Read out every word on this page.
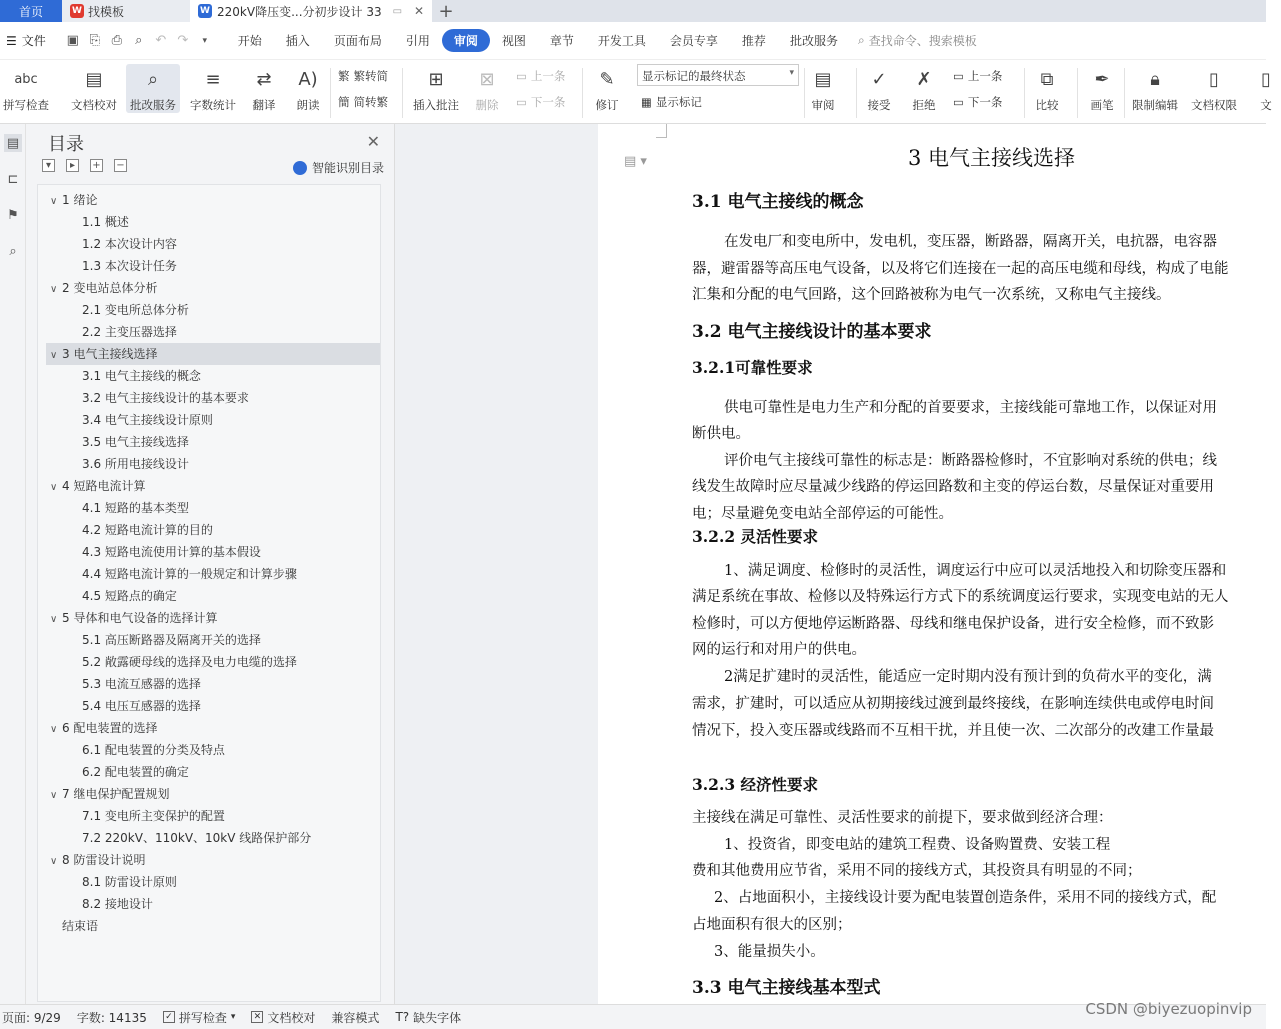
首页	W 找模板	W 220kV降压变...分初步设计 33 ▭ ✕ +
☰ 文件 ▣ ⎘ ⎙	⌕ ↶ ↷	▾	开始	插入	页面布局	引用	审阅	视图	章节	开发工具	会员专享	推荐	批改服务	⌕ 查找命令、搜索模板
abc
拼写检查
▤
文档校对
⌕
批改服务
≡
字数统计
⇄
翻译
A)
朗读
繁 繁转简
簡 简转繁
⊞
插入批注
⊠
删除
▭ 上一条
▭ 下一条
✎
修订
显示标记的最终状态	▾
▦ 显示标记
▤
审阅
✓
接受
✗
拒绝
▭ 上一条
▭ 下一条
⧉
比较
✒
画笔
🔒︎
限制编辑
▯
文档权限
▯
文
▤
⊏
⚑
⌕
目录	✕
▾	▸	+ −	智能识别目录
∨ 1 绪论
1.1 概述
1.2 本次设计内容
1.3 本次设计任务
∨ 2 变电站总体分析
2.1 变电所总体分析
2.2 主变压器选择
∨ 3 电气主接线选择
3.1 电气主接线的概念
3.2 电气主接线设计的基本要求
3.4 电气主接线设计原则
3.5 电气主接线选择
3.6 所用电接线设计
∨ 4 短路电流计算
4.1 短路的基本类型
4.2 短路电流计算的目的
4.3 短路电流使用计算的基本假设
4.4 短路电流计算的一般规定和计算步骤
4.5 短路点的确定
∨ 5 导体和电气设备的选择计算
5.1 高压断路器及隔离开关的选择
5.2 敞露硬母线的选择及电力电缆的选择
5.3 电流互感器的选择
5.4 电压互感器的选择
∨ 6 配电装置的选择
6.1 配电装置的分类及特点
6.2 配电装置的确定
∨ 7 继电保护配置规划
7.1 变电所主变保护的配置
7.2 220kV、110kV、10kV 线路保护部分
∨ 8 防雷设计说明
8.1 防雷设计原则
8.2 接地设计
结束语
▤ ▾	3 电气主接线选择
3.1 电气主接线的概念
在发电厂和变电所中，发电机，变压器，断路器，隔离开关，电抗器，电容器
器，避雷器等高压电气设备，以及将它们连接在一起的高压电缆和母线，构成了电能
汇集和分配的电气回路，这个回路被称为电气一次系统，又称电气主接线。
3.2 电气主接线设计的基本要求
3.2.1可靠性要求
供电可靠性是电力生产和分配的首要要求，主接线能可靠地工作，以保证对用
断供电。
评价电气主接线可靠性的标志是：断路器检修时，不宜影响对系统的供电；线
线发生故障时应尽量减少线路的停运回路数和主变的停运台数，尽量保证对重要用
电；尽量避免变电站全部停运的可能性。
3.2.2 灵活性要求
1、满足调度、检修时的灵活性，调度运行中应可以灵活地投入和切除变压器和
满足系统在事故、检修以及特殊运行方式下的系统调度运行要求，实现变电站的无人
检修时，可以方便地停运断路器、母线和继电保护设备，进行安全检修，而不致影
网的运行和对用户的供电。
2满足扩建时的灵活性，能适应一定时期内没有预计到的负荷水平的变化，满
需求，扩建时，可以适应从初期接线过渡到最终接线，在影响连续供电或停电时间
情况下，投入变压器或线路而不互相干扰，并且使一次、二次部分的改建工作量最
3.2.3 经济性要求
主接线在满足可靠性、灵活性要求的前提下，要求做到经济合理：
1、投资省，即变电站的建筑工程费、设备购置费、安装工程
费和其他费用应节省，采用不同的接线方式，其投资具有明显的不同；
2、占地面积小，主接线设计要为配电装置创造条件，采用不同的接线方式，配
占地面积有很大的区别；
3、能量损失小。
3.3 电气主接线基本型式
页面: 9/29 字数: 14135 ✓ 拼写检查 ▾ ✕ 文档校对 兼容模式 T? 缺失字体	CSDN @biyezuopinvip
